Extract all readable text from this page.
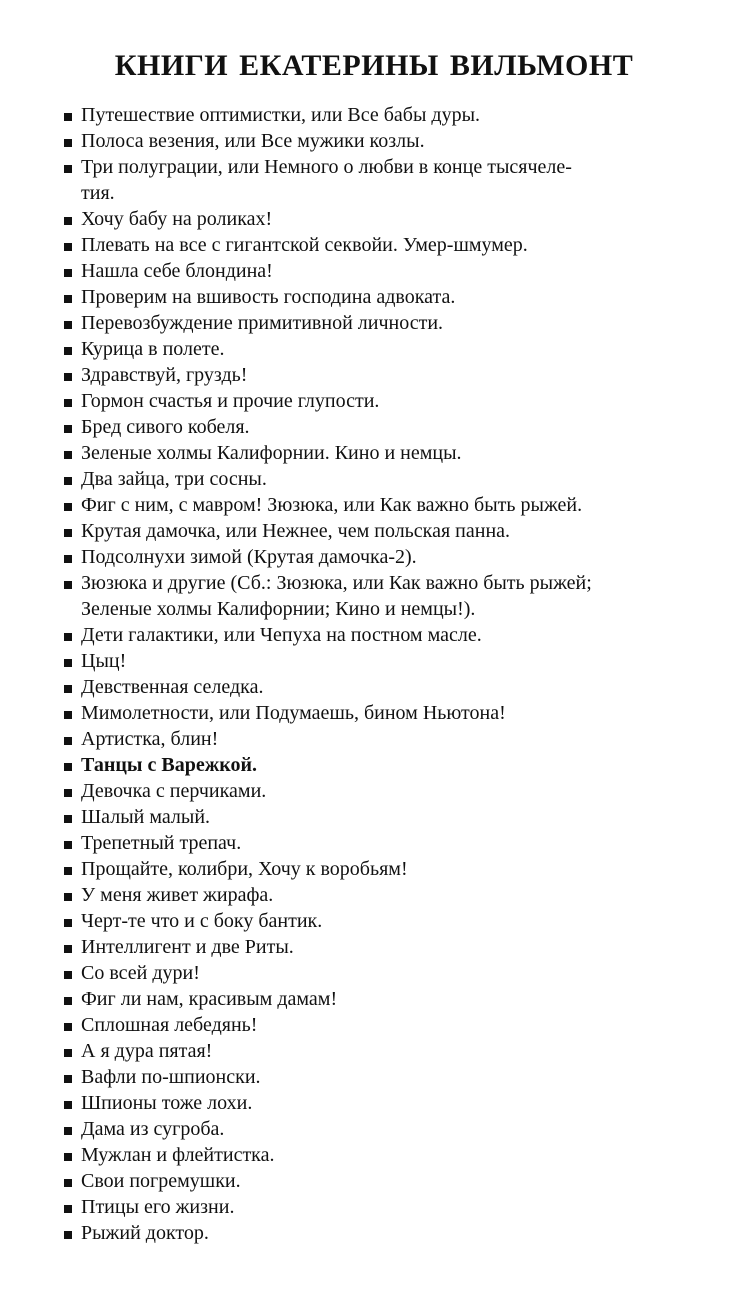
КНИГИ ЕКАТЕРИНЫ ВИЛЬМОНТ
Путешествие оптимистки, или Все бабы дуры.
Полоса везения, или Все мужики козлы.
Три полуграции, или Немного о любви в конце тысячеле-
тия.
Хочу бабу на роликах!
Плевать на все с гигантской секвойи. Умер-шмумер.
Нашла себе блондина!
Проверим на вшивость господина адвоката.
Перевозбуждение примитивной личности.
Курица в полете.
Здравствуй, груздь!
Гормон счастья и прочие глупости.
Бред сивого кобеля.
Зеленые холмы Калифорнии. Кино и немцы.
Два зайца, три сосны.
Фиг с ним, с мавром! Зюзюка, или Как важно быть рыжей.
Крутая дамочка, или Нежнее, чем польская панна.
Подсолнухи зимой (Крутая дамочка-2).
Зюзюка и другие (Сб.: Зюзюка, или Как важно быть рыжей;
Зеленые холмы Калифорнии; Кино и немцы!).
Дети галактики, или Чепуха на постном масле.
Цыц!
Девственная селедка.
Мимолетности, или Подумаешь, бином Ньютона!
Артистка, блин!
Танцы с Варежкой.
Девочка с перчиками.
Шалый малый.
Трепетный трепач.
Прощайте, колибри, Хочу к воробьям!
У меня живет жирафа.
Черт-те что и с боку бантик.
Интеллигент и две Риты.
Со всей дури!
Фиг ли нам, красивым дамам!
Сплошная лебедянь!
А я дура пятая!
Вафли по-шпионски.
Шпионы тоже лохи.
Дама из сугроба.
Мужлан и флейтистка.
Свои погремушки.
Птицы его жизни.
Рыжий доктор.
